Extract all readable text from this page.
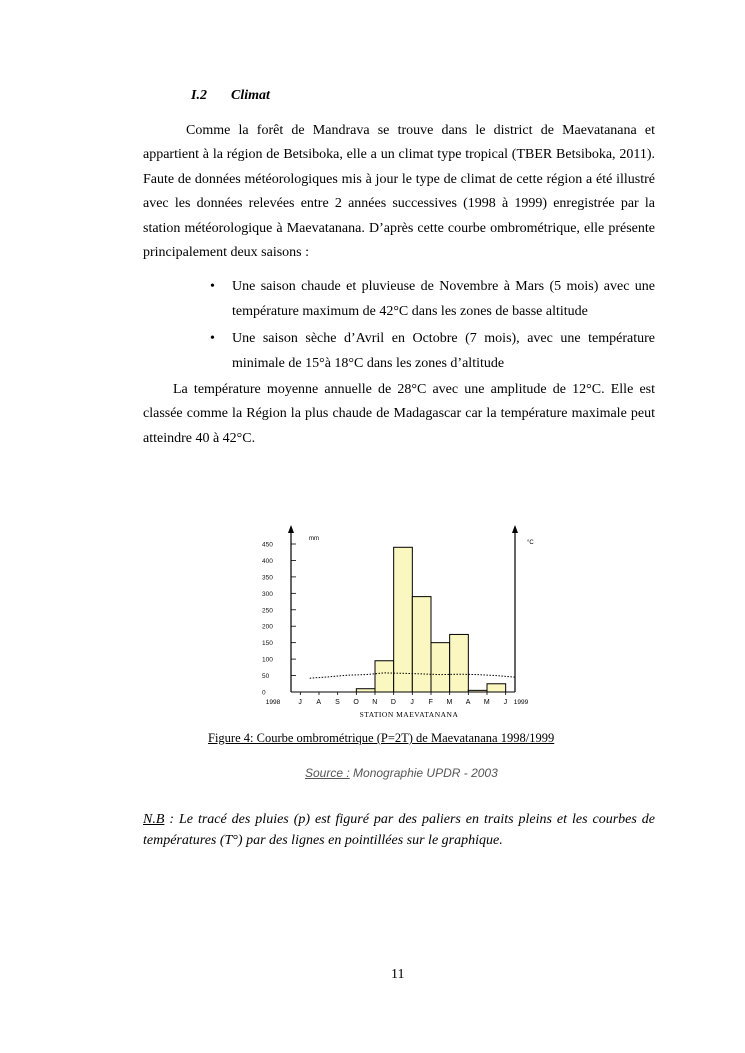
I.2 Climat

Comme la forêt de Mandrava se trouve dans le district de Maevatanana et appartient à la région de Betsiboka, elle a un climat type tropical (TBER Betsiboka, 2011). Faute de données météorologiques mis à jour le type de climat de cette région a été illustré avec les données relevées entre 2 années successives (1998 à 1999) enregistrée par la station météorologique à Maevatanana. D’après cette courbe ombrométrique, elle présente principalement deux saisons :

• Une saison chaude et pluvieuse de Novembre à Mars (5 mois) avec une température maximum de 42°C dans les zones de basse altitude
• Une saison sèche d’Avril en Octobre (7 mois), avec une température minimale de 15°à 18°C dans les zones d’altitude

La température moyenne annuelle de 28°C avec une amplitude de 12°C. Elle est classée comme la Région la plus chaude de Madagascar car la température maximale peut atteindre 40 à 42°C.

mm
°C
450
400
350
300
250
200
150
100
50
0
J A S O N D J F M A M J
1998	1999
STATION MAEVATANANA
Figure 4: Courbe ombrométrique (P=2T) de Maevatanana 1998/1999
Source : Monographie UPDR - 2003

N.B : Le tracé des pluies (p) est figuré par des paliers en traits pleins et les courbes de températures (T°) par des lignes en pointillées sur le graphique.

11
